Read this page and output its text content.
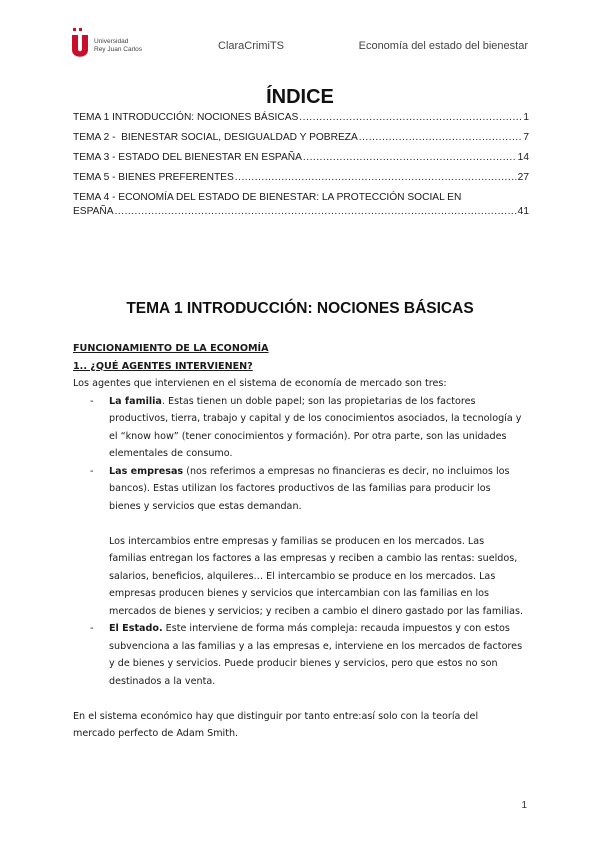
Universidad
Rey Juan Carlos	ClaraCrimiTS	Economía del estado del bienestar
ÍNDICE
TEMA 1 INTRODUCCIÓN: NOCIONES BÁSICAS .....	1
TEMA 2 -  BIENESTAR SOCIAL, DESIGUALDAD Y POBREZA .....	7
TEMA 3 - ESTADO DEL BIENESTAR EN ESPAÑA .....	14
TEMA 5 - BIENES PREFERENTES .....	27
TEMA 4 - ECONOMÍA DEL ESTADO DE BIENESTAR: LA PROTECCIÓN SOCIAL EN
ESPAÑA .....	41
TEMA 1 INTRODUCCIÓN: NOCIONES BÁSICAS
FUNCIONAMIENTO DE LA ECONOMÍA
1.. ¿QUÉ AGENTES INTERVIENEN?
Los agentes que intervienen en el sistema de economía de mercado son tres:
- La familia. Estas tienen un doble papel; son las propietarias de los factores
productivos, tierra, trabajo y capital y de los conocimientos asociados, la tecnología y
el “know how” (tener conocimientos y formación). Por otra parte, son las unidades
elementales de consumo.
- Las empresas (nos referimos a empresas no financieras es decir, no incluimos los
bancos). Estas utilizan los factores productivos de las familias para producir los
bienes y servicios que estas demandan.
Los intercambios entre empresas y familias se producen en los mercados. Las
familias entregan los factores a las empresas y reciben a cambio las rentas: sueldos,
salarios, beneficios, alquileres… El intercambio se produce en los mercados. Las
empresas producen bienes y servicios que intercambian con las familias en los
mercados de bienes y servicios; y reciben a cambio el dinero gastado por las familias.
- El Estado. Este interviene de forma más compleja: recauda impuestos y con estos
subvenciona a las familias y a las empresas e, interviene en los mercados de factores
y de bienes y servicios. Puede producir bienes y servicios, pero que estos no son
destinados a la venta.
En el sistema económico hay que distinguir por tanto entre:así solo con la teoría del
mercado perfecto de Adam Smith.
1
